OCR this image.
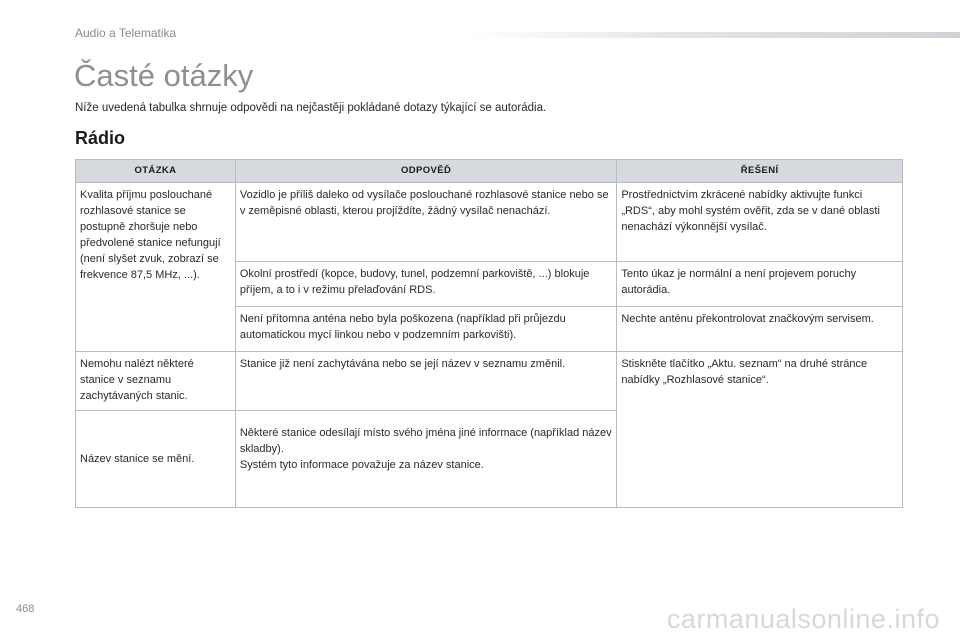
Audio a Telematika
Časté otázky
Níže uvedená tabulka shrnuje odpovědi na nejčastěji pokládané dotazy týkající se autorádia.
Rádio
OTÁZKA	ODPOVĚĎ	ŘEŠENÍ
Kvalita příjmu poslouchané rozhlasové stanice se postupně zhoršuje nebo předvolené stanice nefungují (není slyšet zvuk, zobrazí se frekvence 87,5 MHz, ...).	Vozidlo je příliš daleko od vysílače poslouchané rozhlasové stanice nebo se v zeměpisné oblasti, kterou projíždíte, žádný vysílač nenachází.	Prostřednictvím zkrácené nabídky aktivujte funkci „RDS“, aby mohl systém ověřit, zda se v dané oblasti nenachází výkonnější vysílač.
	Okolní prostředí (kopce, budovy, tunel, podzemní parkoviště, ...) blokuje příjem, a to i v režimu přelaďování RDS.	Tento úkaz je normální a není projevem poruchy autorádia.
	Není přítomna anténa nebo byla poškozena (například při průjezdu automatickou mycí linkou nebo v podzemním parkovišti).	Nechte anténu překontrolovat značkovým servisem.
Nemohu nalézt některé stanice v seznamu zachytávaných stanic.	Stanice již není zachytávána nebo se její název v seznamu změnil.	Stiskněte tlačítko „Aktu. seznam“ na druhé stránce nabídky „Rozhlasové stanice“.
Název stanice se mění.	Některé stanice odesílají místo svého jména jiné informace (například název skladby).
Systém tyto informace považuje za název stanice.	
468	carmanualsonline.info
